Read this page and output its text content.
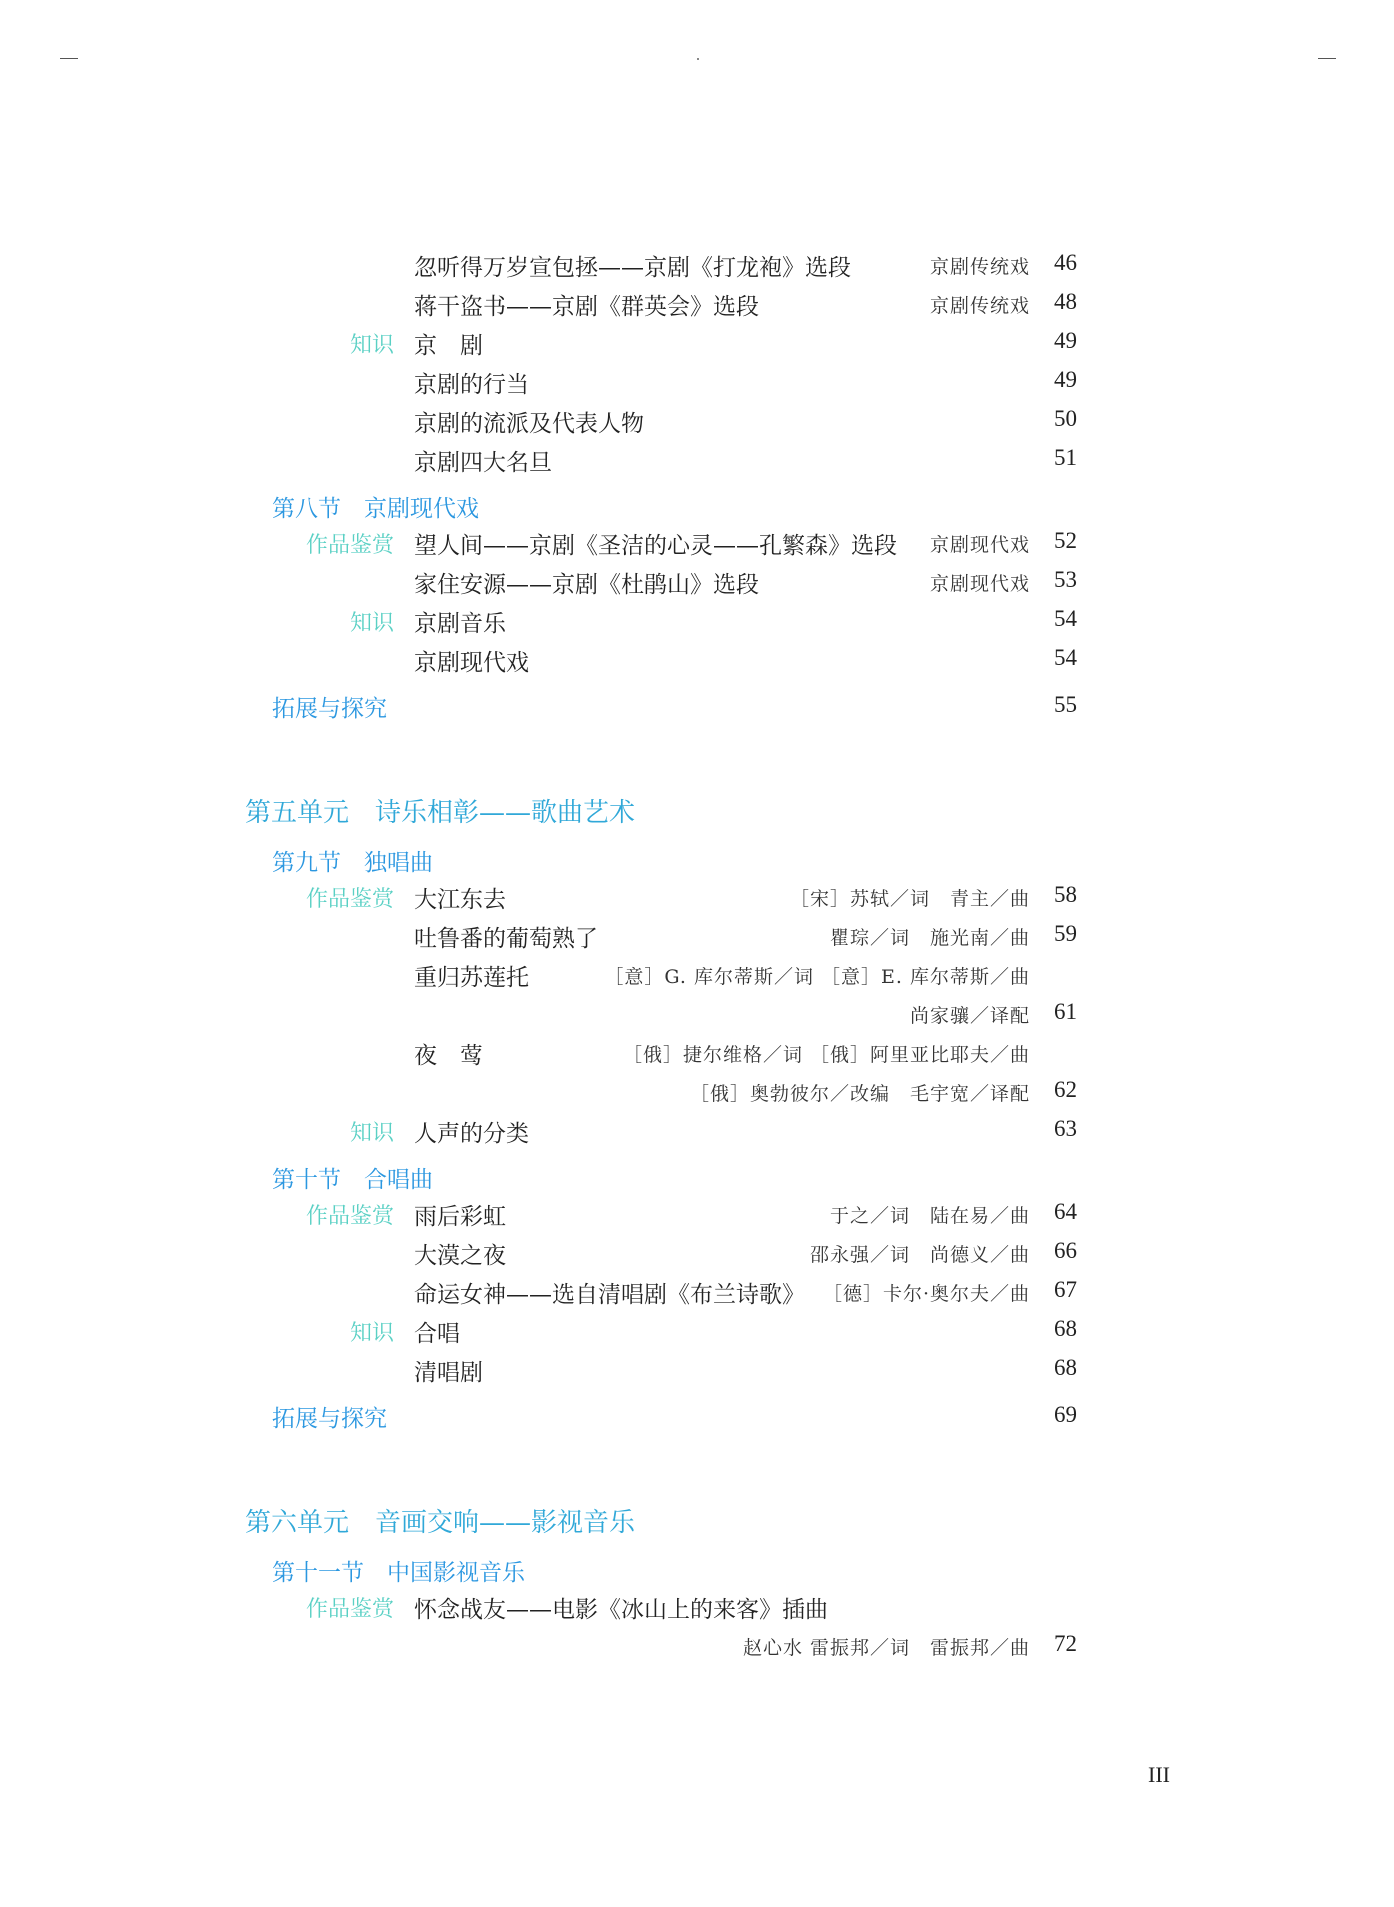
忽听得万岁宣包拯——京剧《打龙袍》选段	京剧传统戏 46
蒋干盗书——京剧《群英会》选段	京剧传统戏 48
知识 京　剧	49
京剧的行当	49
京剧的流派及代表人物	50
京剧四大名旦	51
第八节　京剧现代戏
作品鉴赏 望人间——京剧《圣洁的心灵——孔繁森》选段 京剧现代戏 52
家住安源——京剧《杜鹃山》选段	京剧现代戏 53
知识 京剧音乐	54
京剧现代戏	54
拓展与探究	55
第五单元　诗乐相彰——歌曲艺术
第九节　独唱曲
作品鉴赏 大江东去	［宋］苏轼／词　青主／曲 58
吐鲁番的葡萄熟了	瞿琮／词　施光南／曲 59
重归苏莲托	［意］G. 库尔蒂斯／词 ［意］E. 库尔蒂斯／曲
尚家骧／译配 61
夜　莺	［俄］捷尔维格／词 ［俄］阿里亚比耶夫／曲
［俄］奥勃彼尔／改编　毛宇宽／译配 62
知识 人声的分类	63
第十节　合唱曲
作品鉴赏 雨后彩虹	于之／词　陆在易／曲 64
大漠之夜	邵永强／词　尚德义／曲 66
命运女神——选自清唱剧《布兰诗歌》 ［德］卡尔·奥尔夫／曲 67
知识 合唱	68
清唱剧	68
拓展与探究	69
第六单元　音画交响——影视音乐
第十一节　中国影视音乐
作品鉴赏 怀念战友——电影《冰山上的来客》插曲
赵心水 雷振邦／词　雷振邦／曲 72
III
